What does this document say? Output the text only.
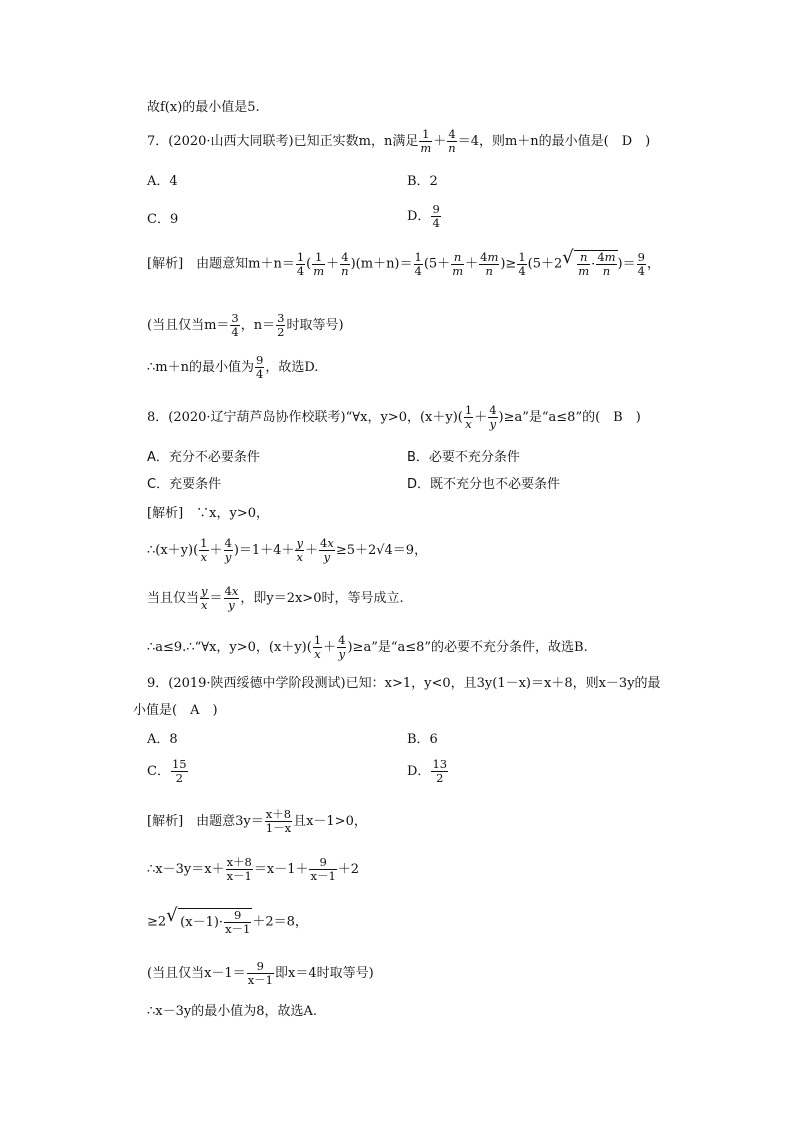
故f(x)的最小值是5.
7．(2020·山西大同联考)已知正实数m，n满足 $\frac{1}{m} + \frac{4}{n} =4$，则m＋n的最小值是(　D　)
A．4	B．2
C．9	D． $\frac{9}{4}$
[解析]　由题意知$m+n= \frac{1}{4}$ ( $\frac{1}{m} + \frac{4}{n} )(m+n)= \frac{1}{4} (5+ \frac{n}{m} + \frac{4m}{n}$ )≥ $\frac{1}{4} (5+2$ √ $\frac{n}{m} \cdot \frac{4m}{n}$ )＝ $\frac{9}{4}$ ，
(当且仅当$m= \frac{3}{4}$ ，$n= \frac{3}{2}$ 时取等号)
∴m＋n的最小值为 $\frac{9}{4}$ ，故选D.
8．(2020·辽宁葫芦岛协作校联考)“∀x，y>0，$(x+y)( \frac{1}{x} + \frac{4}{y} )\ge a$”是“a≤8”的(　B　)
A．充分不必要条件	B．必要不充分条件
C．充要条件	D．既不充分也不必要条件
[解析]　∵x，y>0，
∴(x＋y)( $\frac{1}{x} + \frac{4}{y} )=1+4+ \frac{y}{x} + \frac{4x}{y} \ge 5+2√4=9$，
当且仅当 $\frac{y}{x} = \frac{4x}{y}$ ，即y＝2x>0时，等号成立.
∴a≤9.∴“∀x，y>0，$(x+y)( \frac{1}{x} + \frac{4}{y} )\ge a$”是“a≤8”的必要不充分条件，故选B.
9．(2019·陕西绥德中学阶段测试)已知：x>1，y<0，且3y(1－x)＝x＋8，则x－3y的最
小值是(　A　)
A．8	B．6
C． $\frac{15}{2}$	D． $\frac{13}{2}$
[解析]　由题意$3y= \frac{x+8}{1-x}$ 且x－1>0，
∴x－3y＝x＋ $\frac{x+8}{x-1} =x-1+ \frac{9}{x-1} +2$
≥2 √ $(x-1)\cdot \frac{9}{x-1} +2=8$，
(当且仅当$x-1= \frac{9}{x-1}$ 即x＝4时取等号)
∴x－3y的最小值为8，故选A.
